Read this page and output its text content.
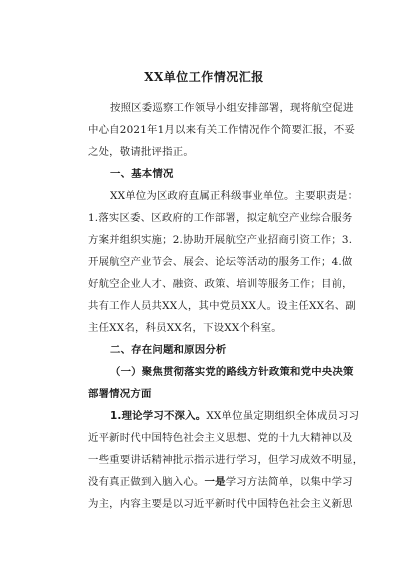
XX单位工作情况汇报
按照区委巡察工作领导小组安排部署，现将航空促进
中心自2021年1月以来有关工作情况作个简要汇报，不妥
之处，敬请批评指正。
一、基本情况
XX单位为区政府直属正科级事业单位。主要职责是：
1.落实区委、区政府的工作部署，拟定航空产业综合服务
方案并组织实施；2.协助开展航空产业招商引资工作；3.
开展航空产业节会、展会、论坛等活动的服务工作；4.做
好航空企业人才、融资、政策、培训等服务工作；目前，
共有工作人员共XX人，其中党员XX人。设主任XX名、副
主任XX名，科员XX名，下设XX个科室。
二、存在问题和原因分析
（一）聚焦贯彻落实党的路线方针政策和党中央决策
部署情况方面
1.理论学习不深入。XX单位虽定期组织全体成员习习
近平新时代中国特色社会主义思想、党的十九大精神以及
一些重要讲话精神批示指示进行学习，但学习成效不明显，
没有真正做到入脑入心。一是学习方法简单，以集中学习
为主，内容主要是以习近平新时代中国特色社会主义新思
